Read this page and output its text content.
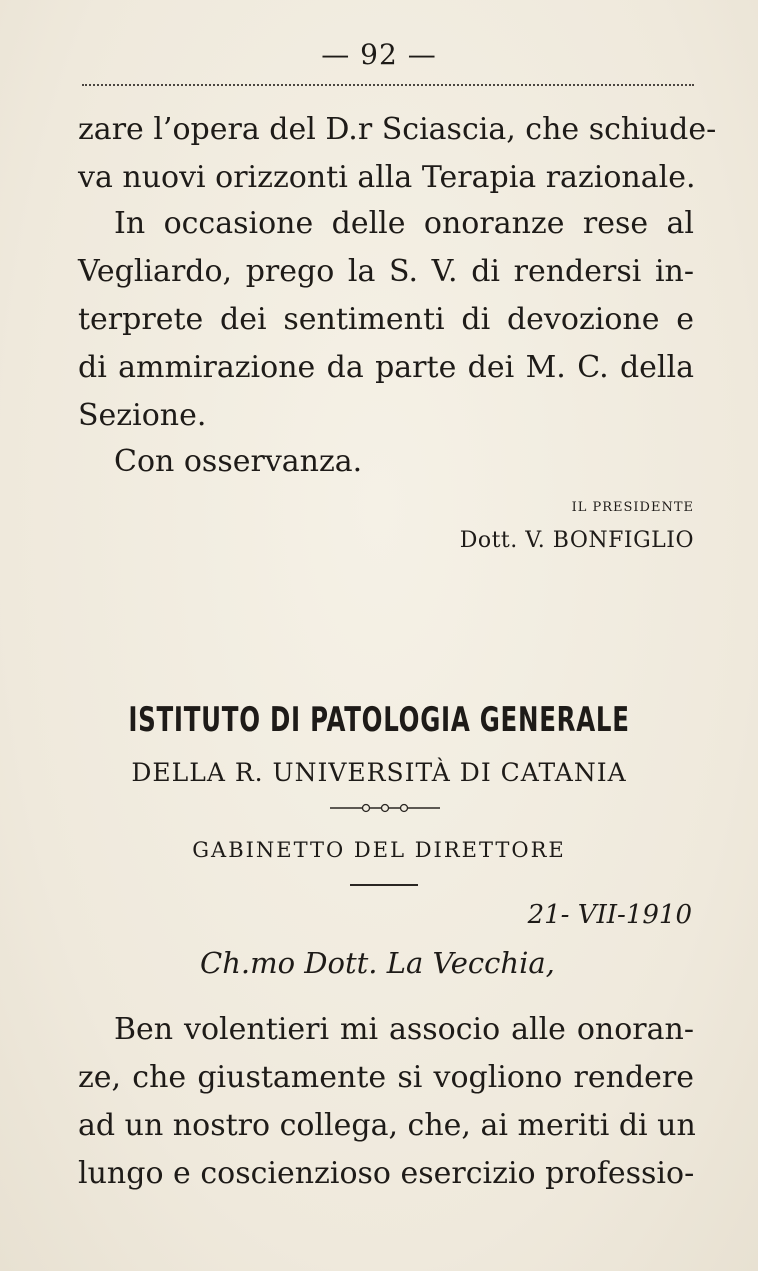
— 92 —

zare l’opera del D.r Sciascia, che schiude-
va nuovi orizzonti alla Terapia razionale.

In occasione delle onoranze rese al
Vegliardo, prego la S. V. di rendersi in-
terprete dei sentimenti di devozione e
di ammirazione da parte dei M. C. della
Sezione.

Con osservanza.

IL PRESIDENTE
Dott. V. BONFIGLIO
ISTITUTO DI PATOLOGIA GENERALE
DELLA R. UNIVERSITÀ DI CATANIA
GABINETTO DEL DIRETTORE
21- VII-1910
Ch.mo Dott. La Vecchia,

Ben volentieri mi associo alle onoran-
ze, che giustamente si vogliono rendere
ad un nostro collega, che, ai meriti di un
lungo e coscienzioso esercizio professio-
